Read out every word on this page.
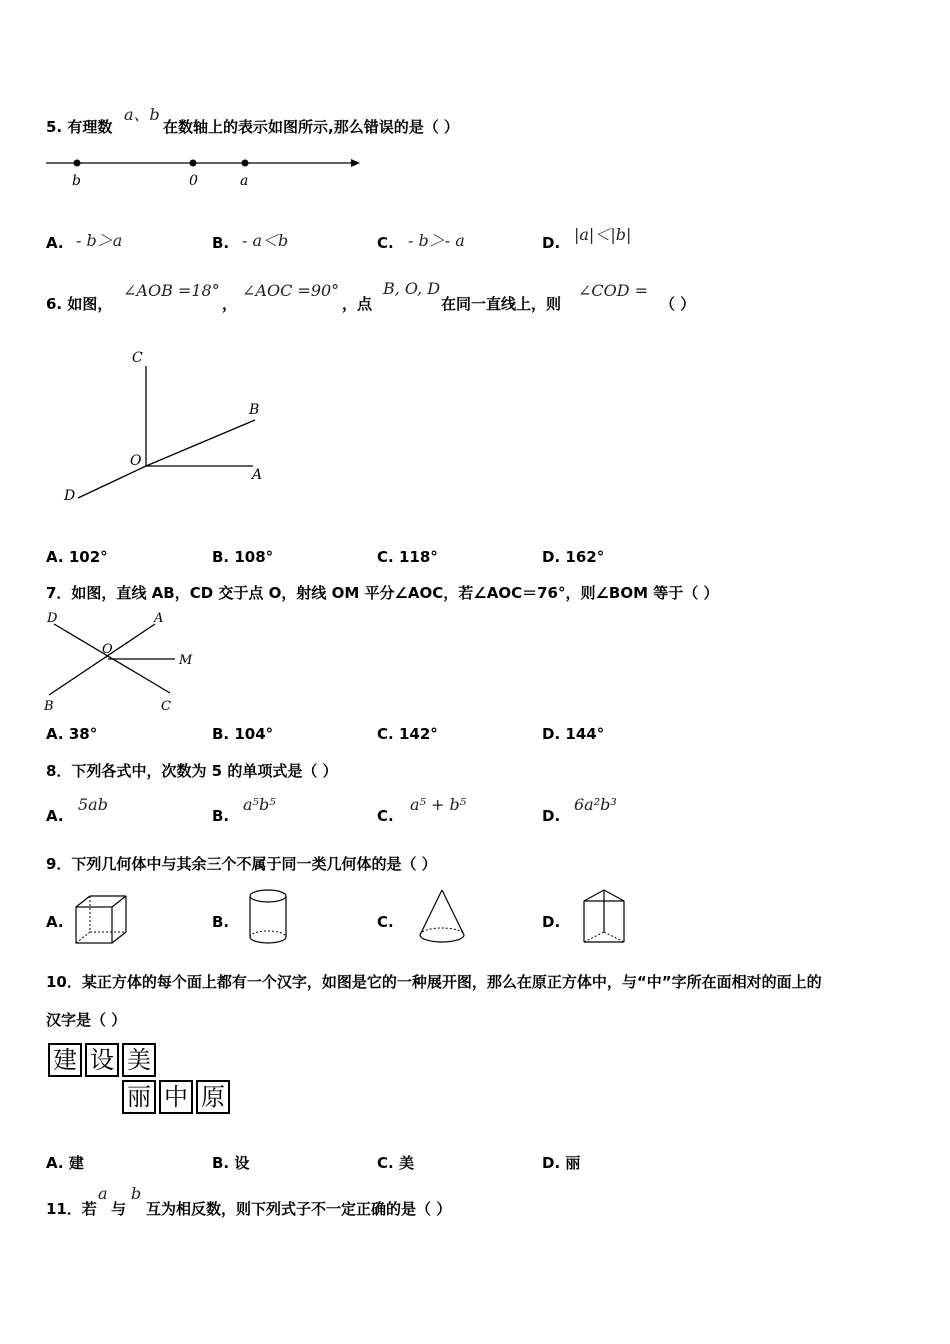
5. 有理数
a、b
在数轴上的表示如图所示,那么错误的是（ ）
b	0	a
A. - b＞a	B. - a＜b	C. - b＞- a	D. |a|＜|b|
6. 如图，
∠AOB =18°
，
∠AOC =90°
，点
B, O, D
在同一直线上，则
∠COD =
（ ）
C
B
O
A
D
A. 102°	B. 108°	C. 118°	D. 162°
7．如图，直线 AB，CD 交于点 O，射线 OM 平分∠AOC，若∠AOC＝76°，则∠BOM 等于（ ）
D	A
O
M
B	C
A. 38°	B. 104°	C. 142°	D. 144°
8．下列各式中，次数为 5 的单项式是（ ）
A.
5ab
B.
a⁵b⁵
C.
a⁵ + b⁵
D.
6a²b³
9．下列几何体中与其余三个不属于同一类几何体的是（ ）
A.	B.	C.	D.
10．某正方体的每个面上都有一个汉字，如图是它的一种展开图，那么在原正方体中，与“中”字所在面相对的面上的
汉字是（ ）
建 设 美
丽 中 原
A. 建	B. 设	C. 美	D. 丽
11．若
a
与
b
互为相反数，则下列式子不一定正确的是（ ）
